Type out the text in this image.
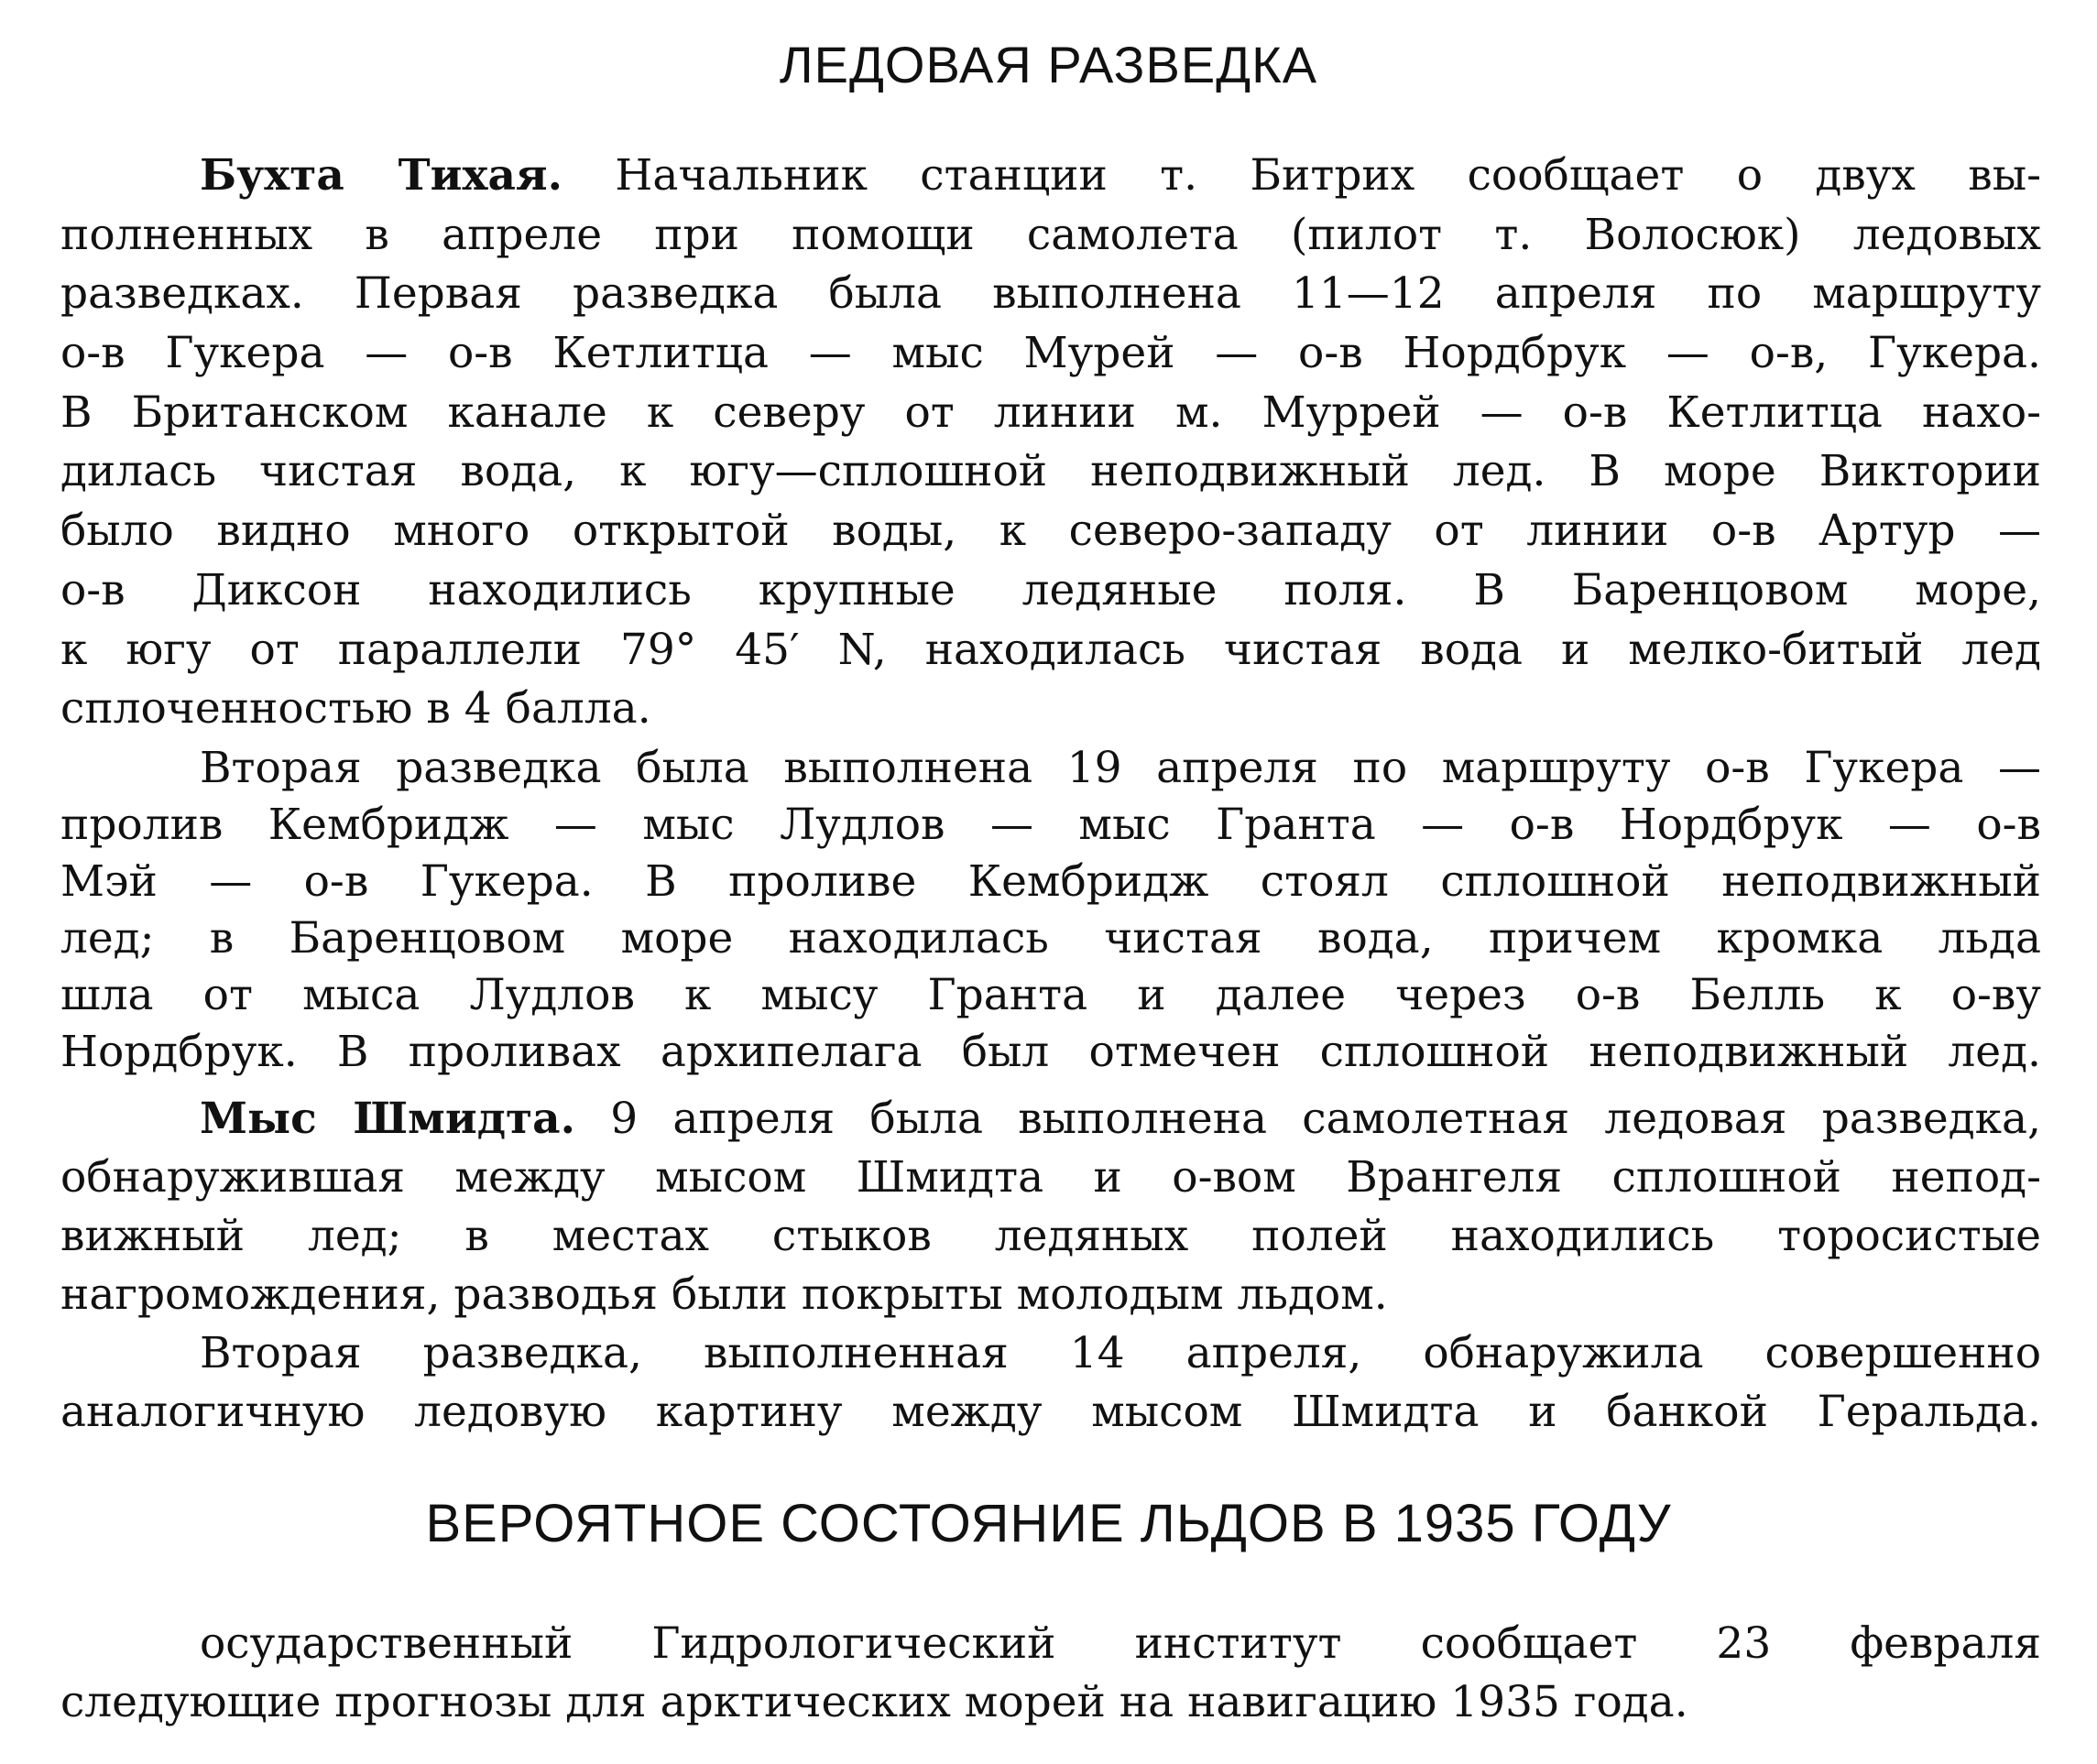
ЛЕДОВАЯ РАЗВЕДКА
Бухта Тихая. Начальник станции т. Битрих сообщает о двух вы-
полненных в апреле при помощи самолета (пилот т. Волосюк) ледовых
разведках. Первая разведка была выполнена 11—12 апреля по маршруту
о-в Гукера — о-в Кетлитца — мыс Мурей — о-в Нордбрук — о-в, Гукера.
В Британском канале к северу от линии м. Муррей — о-в Кетлитца нахо-
дилась чистая вода, к югу—сплошной неподвижный лед. В море Виктории
было видно много открытой воды, к северо-западу от линии о-в Артур —
о-в Диксон находились крупные ледяные поля. В Баренцовом море,
к югу от параллели 79° 45′ N, находилась чистая вода и мелко-битый лед
сплоченностью в 4 балла.
Вторая разведка была выполнена 19 апреля по маршруту о-в Гукера —
пролив Кембридж — мыс Лудлов — мыс Гранта — о-в Нордбрук — о-в
Мэй — о-в Гукера. В проливе Кембридж стоял сплошной неподвижный
лед; в Баренцовом море находилась чистая вода, причем кромка льда
шла от мыса Лудлов к мысу Гранта и далее через о-в Белль к о-ву
Нордбрук. В проливах архипелага был отмечен сплошной неподвижный лед.
Мыс Шмидта. 9 апреля была выполнена самолетная ледовая разведка,
обнаружившая между мысом Шмидта и о-вом Врангеля сплошной непод-
вижный лед; в местах стыков ледяных полей находились торосистые
нагромождения, разводья были покрыты молодым льдом.
Вторая разведка, выполненная 14 апреля, обнаружила совершенно
аналогичную ледовую картину между мысом Шмидта и банкой Геральда.
ВЕРОЯТНОЕ СОСТОЯНИЕ ЛЬДОВ В 1935 ГОДУ
осударственный Гидрологический институт сообщает 23 февраля
следующие прогнозы для арктических морей на навигацию 1935 года.
